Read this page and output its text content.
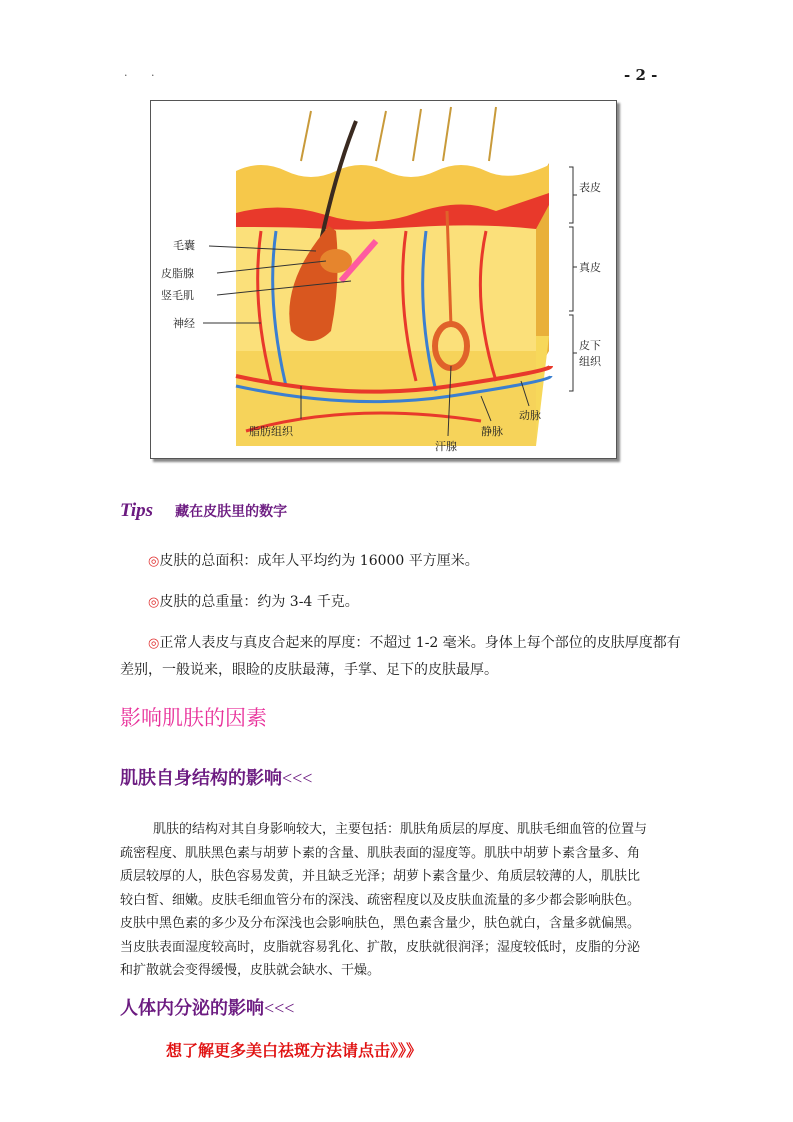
. .	- 2 -
毛囊
皮脂腺
竖毛肌
神经
表皮
真皮
皮下
组织
脂肪组织
汗腺
静脉
动脉
Tips 藏在皮肤里的数字
◎皮肤的总面积：成年人平均约为 16000 平方厘米。
◎皮肤的总重量：约为 3-4 千克。
◎正常人表皮与真皮合起来的厚度：不超过 1-2 毫米。身体上每个部位的皮肤厚度都有
差别，一般说来，眼睑的皮肤最薄，手掌、足下的皮肤最厚。
影响肌肤的因素
肌肤自身结构的影响<<<
肌肤的结构对其自身影响较大，主要包括：肌肤角质层的厚度、肌肤毛细血管的位置与
疏密程度、肌肤黑色素与胡萝卜素的含量、肌肤表面的湿度等。肌肤中胡萝卜素含量多、角
质层较厚的人，肤色容易发黄，并且缺乏光泽；胡萝卜素含量少、角质层较薄的人，肌肤比
较白皙、细嫩。皮肤毛细血管分布的深浅、疏密程度以及皮肤血流量的多少都会影响肤色。
皮肤中黑色素的多少及分布深浅也会影响肤色，黑色素含量少，肤色就白，含量多就偏黑。
当皮肤表面湿度较高时，皮脂就容易乳化、扩散，皮肤就很润泽；湿度较低时，皮脂的分泌
和扩散就会变得缓慢，皮肤就会缺水、干燥。
人体内分泌的影响<<<
想了解更多美白祛斑方法请点击》》》
